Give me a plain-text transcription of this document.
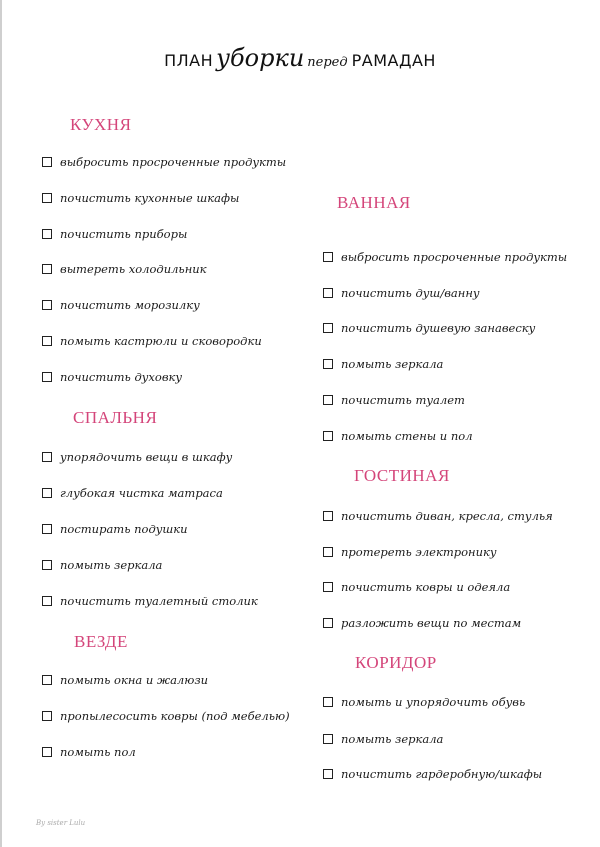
ПЛАН уборки перед РАМАДАН
КУХНЯ
выбросить просроченные продукты
почистить кухонные шкафы
почистить приборы
вытереть холодильник
почистить морозилку
помыть кастрюли и сковородки
почистить духовку
СПАЛЬНЯ
упорядочить вещи в шкафу
глубокая чистка матраса
постирать подушки
помыть зеркала
почистить туалетный столик
ВЕЗДЕ
помыть окна и жалюзи
пропылесосить ковры (под мебелью)
помыть пол
ВАННАЯ
выбросить просроченные продукты
почистить душ/ванну
почистить душевую занавеску
помыть зеркала
почистить туалет
помыть стены и пол
ГОСТИНАЯ
почистить диван, кресла, стулья
протереть электронику
почистить ковры и одеяла
разложить вещи по местам
КОРИДОР
помыть и упорядочить обувь
помыть зеркала
почистить гардеробную/шкафы
By sister Lulu
